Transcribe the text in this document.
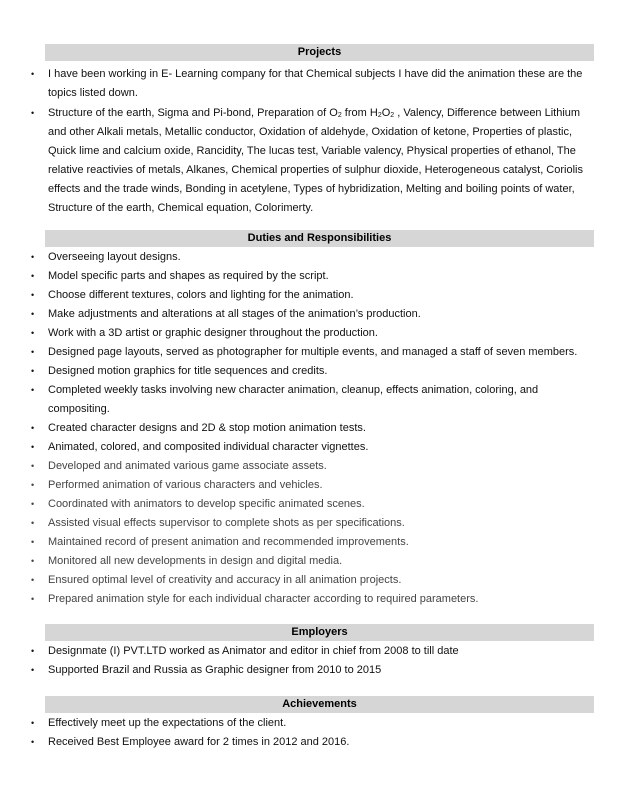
Projects
• I have been working in E- Learning company for that Chemical subjects I have did the animation these are the topics listed down.
• Structure of the earth, Sigma and Pi-bond, Preparation of $O_2$ from $H_2O_2$ , Valency, Difference between Lithium and other Alkali metals, Metallic conductor, Oxidation of aldehyde, Oxidation of ketone, Properties of plastic, Quick lime and calcium oxide, Rancidity, The lucas test, Variable valency, Physical properties of ethanol, The relative reactivies of metals, Alkanes, Chemical properties of sulphur dioxide, Heterogeneous catalyst, Coriolis effects and the trade winds, Bonding in acetylene, Types of hybridization, Melting and boiling points of water, Structure of the earth, Chemical equation, Colorimerty.
Duties and Responsibilities
• Overseeing layout designs.
• Model specific parts and shapes as required by the script.
• Choose different textures, colors and lighting for the animation.
• Make adjustments and alterations at all stages of the animation’s production.
• Work with a 3D artist or graphic designer throughout the production.
• Designed page layouts, served as photographer for multiple events, and managed a staff of seven members.
• Designed motion graphics for title sequences and credits.
• Completed weekly tasks involving new character animation, cleanup, effects animation, coloring, and compositing.
• Created character designs and 2D & stop motion animation tests.
• Animated, colored, and composited individual character vignettes.
• Developed and animated various game associate assets.
• Performed animation of various characters and vehicles.
• Coordinated with animators to develop specific animated scenes.
• Assisted visual effects supervisor to complete shots as per specifications.
• Maintained record of present animation and recommended improvements.
• Monitored all new developments in design and digital media.
• Ensured optimal level of creativity and accuracy in all animation projects.
• Prepared animation style for each individual character according to required parameters.
Employers
• Designmate (I) PVT.LTD worked as Animator and editor in chief from 2008 to till date
• Supported Brazil and Russia as Graphic designer from 2010 to 2015
Achievements
• Effectively meet up the expectations of the client.
• Received Best Employee award for 2 times in 2012 and 2016.
